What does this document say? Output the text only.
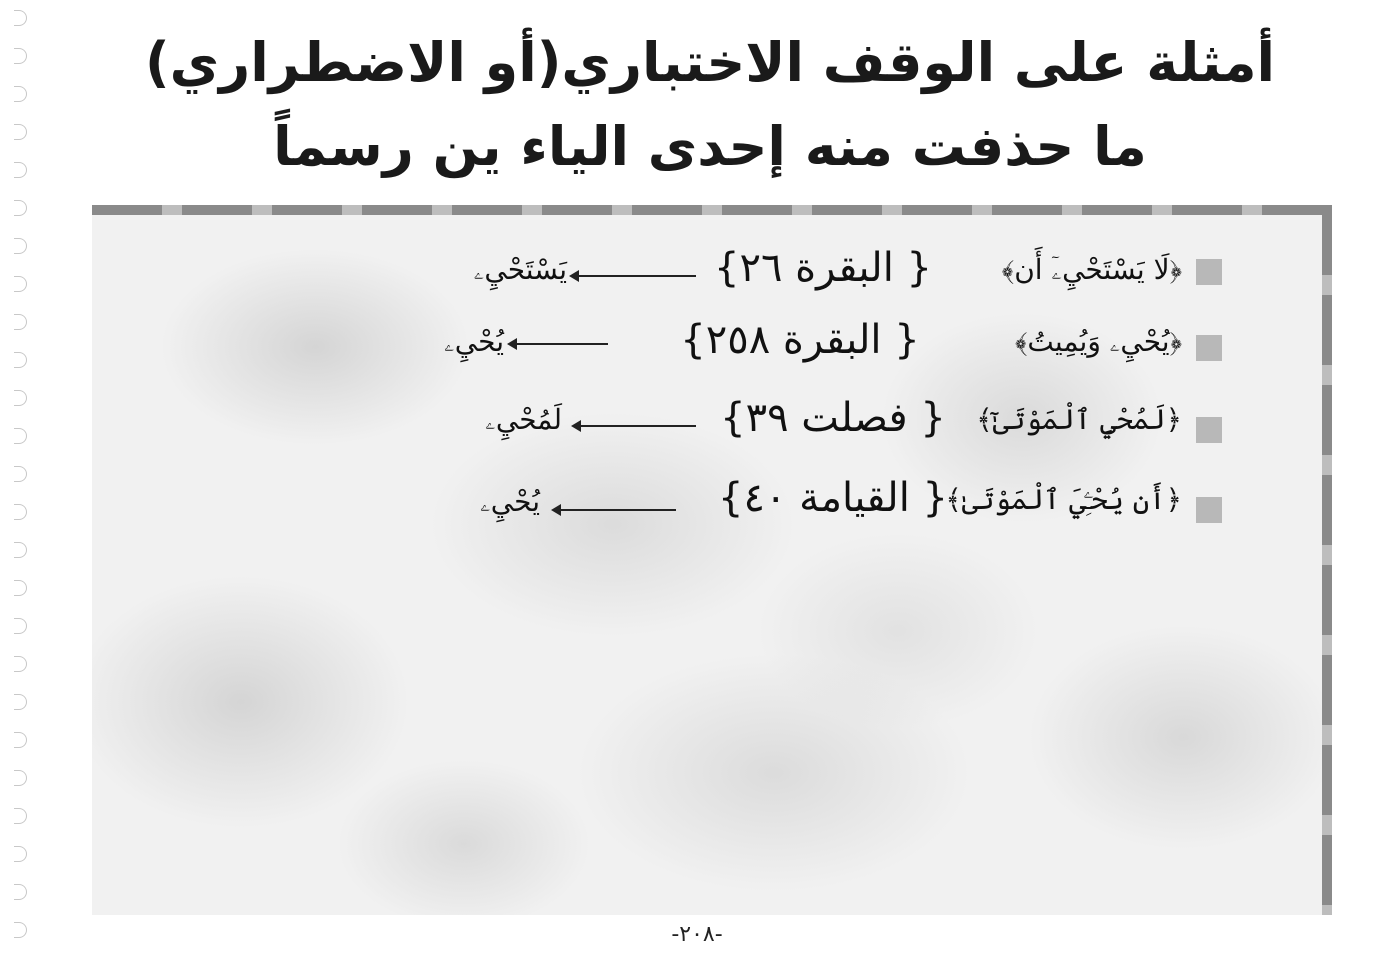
أمثلة على الوقف الاختباري(أو الاضطراري)
ما حذفت منه إحدى الياء ين رسماً
﴿لَا يَسْتَحْيِۦٓ أَن﴾
{ البقرة ٢٦}
يَسْتَحْيِۦ
﴿يُحْيِۦ وَيُمِيتُ﴾
{ البقرة ٢٥٨}
يُحْيِۦ
﴿لَمُحْيِ ٱلْمَوْتَىٰٓ﴾
{ فصلت ٣٩}
لَمُحْيِۦ
﴿أَن يُحْـِۧيَ ٱلْمَوْتَىٰ﴾
{ القيامة ٤٠}
يُحْيِۦ
-٢٠٨-
